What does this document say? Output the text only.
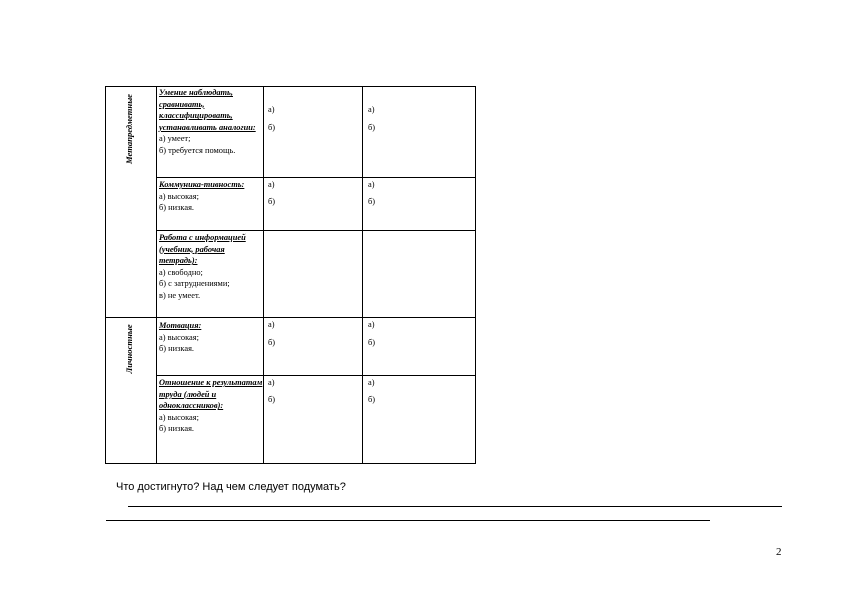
Метапредметные
Личностные
Умение наблюдать, сравнивать, классифицировать, устанавливать аналогии:
а) умеет;
б) требуется помощь.
а)
б)
а)
б)
Коммуника-тивность:
а) высокая;
б) низкая.
а)
б)
а)
б)
Работа с информацией (учебник, рабочая тетрадь):
а) свободно;
б) с затруднениями;
в) не умеет.
Мотвация:
а) высокая;
б) низкая.
а)
б)
а)
б)
Отношение к результатам труда (людей и одноклассников):
а) высокая;
б) низкая.
а)
б)
а)
б)
Что достигнуто? Над чем следует подумать?
2
